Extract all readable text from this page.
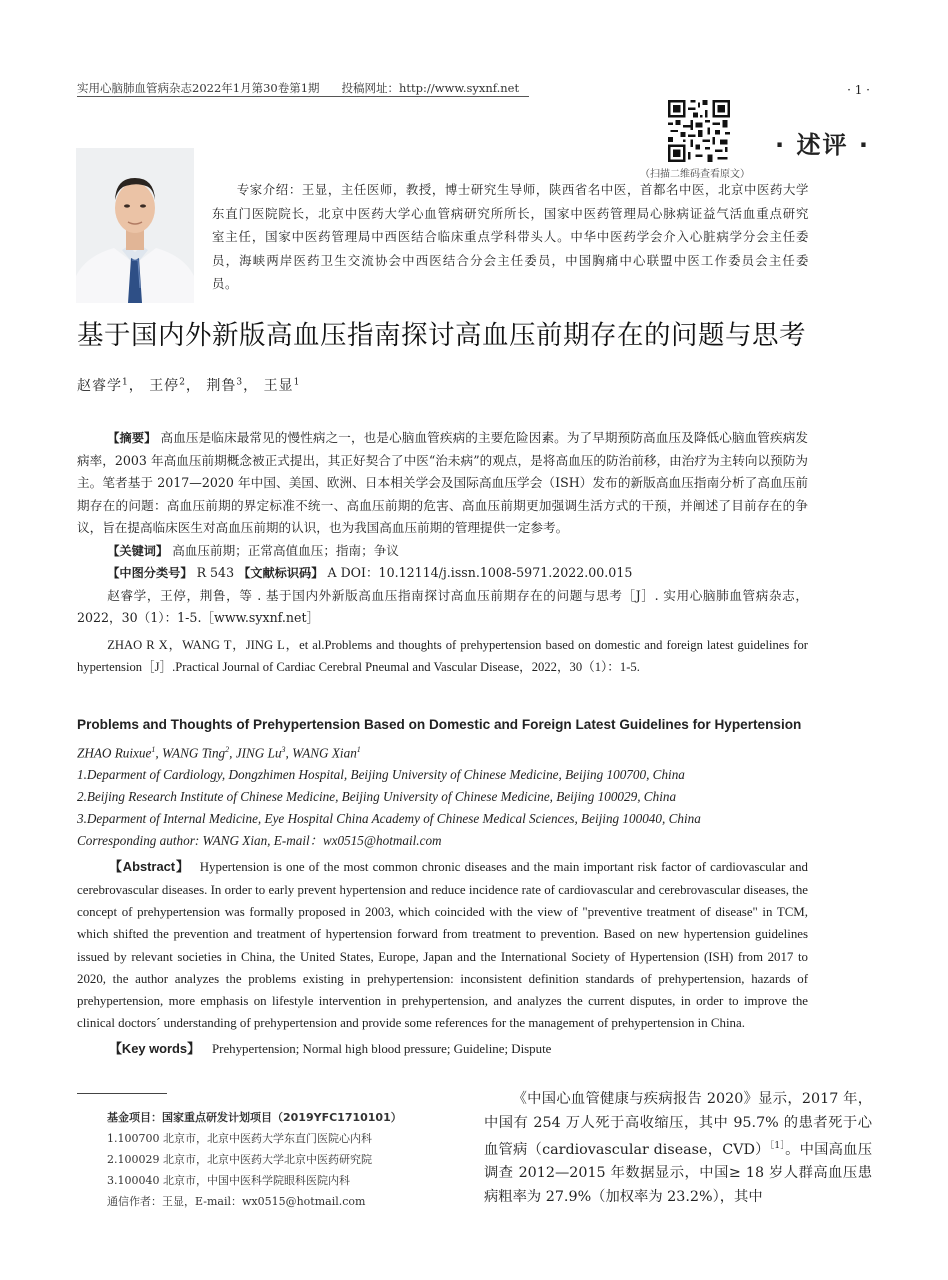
实用心脑肺血管病杂志2022年1月第30卷第1期 投稿网址：http://www.syxnf.net	· 1 ·
（扫描二维码查看原文）
· 述评 ·
专家介绍：王显，主任医师，教授，博士研究生导师，陕西省名中医，首都名中医，北京中医药大学东直门医院院长，北京中医药大学心血管病研究所所长，国家中医药管理局心脉病证益气活血重点研究室主任，国家中医药管理局中西医结合临床重点学科带头人。中华中医药学会介入心脏病学分会主任委员，海峡两岸医药卫生交流协会中西医结合分会主任委员，中国胸痛中心联盟中医工作委员会主任委员。
基于国内外新版高血压指南探讨高血压前期存在的问题与思考
赵睿学$^1$， 王停$^2$， 荆鲁$^3$， 王显$^1$

【摘要】 高血压是临床最常见的慢性病之一，也是心脑血管疾病的主要危险因素。为了早期预防高血压及降低心脑血管疾病发病率，2003 年高血压前期概念被正式提出，其正好契合了中医“治未病”的观点，是将高血压的防治前移，由治疗为主转向以预防为主。笔者基于 2017—2020 年中国、美国、欧洲、日本相关学会及国际高血压学会（ISH）发布的新版高血压指南分析了高血压前期存在的问题：高血压前期的界定标准不统一、高血压前期的危害、高血压前期更加强调生活方式的干预，并阐述了目前存在的争议，旨在提高临床医生对高血压前期的认识，也为我国高血压前期的管理提供一定参考。

【关键词】 高血压前期；正常高值血压；指南；争议

【中图分类号】 R 543 【文献标识码】 A DOI：10.12114/j.issn.1008-5971.2022.00.015

赵睿学，王停，荆鲁，等 . 基于国内外新版高血压指南探讨高血压前期存在的问题与思考［J］. 实用心脑肺血管病杂志，2022，30（1）：1-5.［www.syxnf.net］

ZHAO R X，WANG T，JING L，et al.Problems and thoughts of prehypertension based on domestic and foreign latest guidelines for hypertension［J］.Practical Journal of Cardiac Cerebral Pneumal and Vascular Disease，2022，30（1）：1-5.

Problems and Thoughts of Prehypertension Based on Domestic and Foreign Latest Guidelines for Hypertension

ZHAO Ruixue$^1$, WANG Ting$^2$, JING Lu$^3$, WANG Xian$^1$

1.Deparment of Cardiology, Dongzhimen Hospital, Beijing University of Chinese Medicine, Beijing 100700, China

2.Beijing Research Institute of Chinese Medicine, Beijing University of Chinese Medicine, Beijing 100029, China

3.Deparment of Internal Medicine, Eye Hospital China Academy of Chinese Medical Sciences, Beijing 100040, China

Corresponding author: WANG Xian, E-mail：wx0515@hotmail.com

【Abstract】 Hypertension is one of the most common chronic diseases and the main important risk factor of cardiovascular and cerebrovascular diseases. In order to early prevent hypertension and reduce incidence rate of cardiovascular and cerebrovascular diseases, the concept of prehypertension was formally proposed in 2003, which coincided with the view of "preventive treatment of disease" in TCM, which shifted the prevention and treatment of hypertension forward from treatment to prevention. Based on new hypertension guidelines issued by relevant societies in China, the United States, Europe, Japan and the International Society of Hypertension (ISH) from 2017 to 2020, the author analyzes the problems existing in prehypertension: inconsistent definition standards of prehypertension, hazards of prehypertension, more emphasis on lifestyle intervention in prehypertension, and analyzes the current disputes, in order to improve the clinical doctors´ understanding of prehypertension and provide some references for the management of prehypertension in China.

【Key words】 Prehypertension; Normal high blood pressure; Guideline; Dispute

基金项目：国家重点研发计划项目（2019YFC1710101）

1.100700 北京市，北京中医药大学东直门医院心内科

2.100029 北京市，北京中医药大学北京中医药研究院

3.100040 北京市，中国中医科学院眼科医院内科

通信作者：王显，E-mail：wx0515@hotmail.com

《中国心血管健康与疾病报告 2020》显示，2017 年，中国有 254 万人死于高收缩压，其中 95.7% 的患者死于心血管病（cardiovascular disease，CVD）$^{[1]}$。中国高血压调查 2012—2015 年数据显示，中国≥ 18 岁人群高血压患病粗率为 27.9%（加权率为 23.2%），其中
